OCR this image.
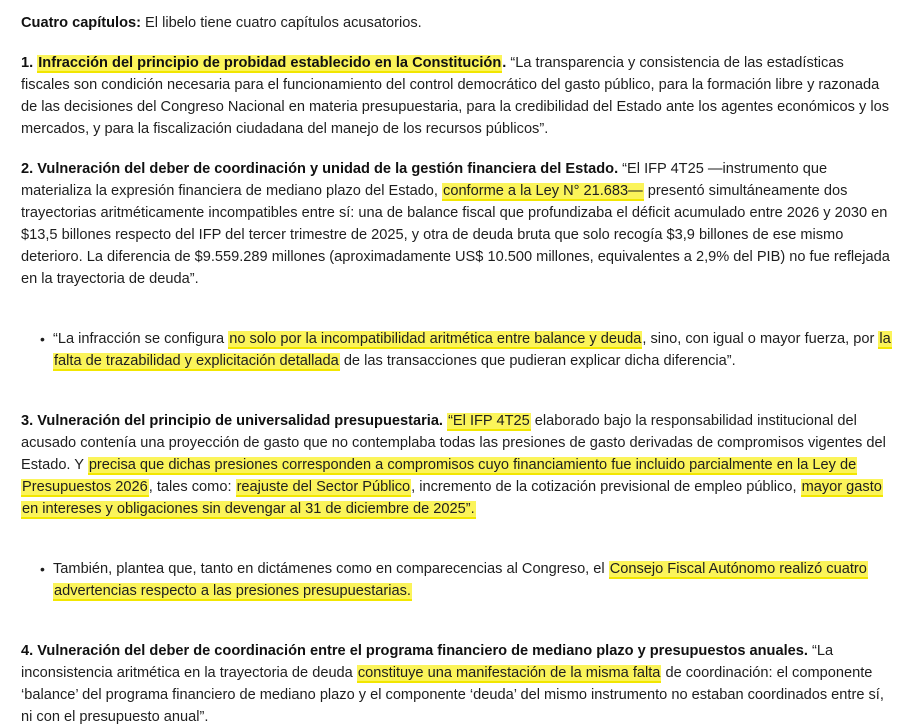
Cuatro capítulos: El libelo tiene cuatro capítulos acusatorios.

1. Infracción del principio de probidad establecido en la Constitución. “La transparencia y consistencia de las estadísticas fiscales son condición necesaria para el funcionamiento del control democrático del gasto público, para la formación libre y razonada de las decisiones del Congreso Nacional en materia presupuestaria, para la credibilidad del Estado ante los agentes económicos y los mercados, y para la fiscalización ciudadana del manejo de los recursos públicos”.

2. Vulneración del deber de coordinación y unidad de la gestión financiera del Estado. “El IFP 4T25 —instrumento que materializa la expresión financiera de mediano plazo del Estado, conforme a la Ley N° 21.683— presentó simultáneamente dos trayectorias aritméticamente incompatibles entre sí: una de balance fiscal que profundizaba el déficit acumulado entre 2026 y 2030 en $13,5 billones respecto del IFP del tercer trimestre de 2025, y otra de deuda bruta que solo recogía $3,9 billones de ese mismo deterioro. La diferencia de $9.559.289 millones (aproximadamente US$ 10.500 millones, equivalentes a 2,9% del PIB) no fue reflejada en la trayectoria de deuda”.

• “La infracción se configura no solo por la incompatibilidad aritmética entre balance y deuda, sino, con igual o mayor fuerza, por la falta de trazabilidad y explicitación detallada de las transacciones que pudieran explicar dicha diferencia”.

3. Vulneración del principio de universalidad presupuestaria. “El IFP 4T25 elaborado bajo la responsabilidad institucional del acusado contenía una proyección de gasto que no contemplaba todas las presiones de gasto derivadas de compromisos vigentes del Estado. Y precisa que dichas presiones corresponden a compromisos cuyo financiamiento fue incluido parcialmente en la Ley de Presupuestos 2026, tales como: reajuste del Sector Público, incremento de la cotización previsional de empleo público, mayor gasto en intereses y obligaciones sin devengar al 31 de diciembre de 2025”.

• También, plantea que, tanto en dictámenes como en comparecencias al Congreso, el Consejo Fiscal Autónomo realizó cuatro advertencias respecto a las presiones presupuestarias.

4. Vulneración del deber de coordinación entre el programa financiero de mediano plazo y presupuestos anuales. “La inconsistencia aritmética en la trayectoria de deuda constituye una manifestación de la misma falta de coordinación: el componente ‘balance’ del programa financiero de mediano plazo y el componente ‘deuda’ del mismo instrumento no estaban coordinados entre sí, ni con el presupuesto anual”.
